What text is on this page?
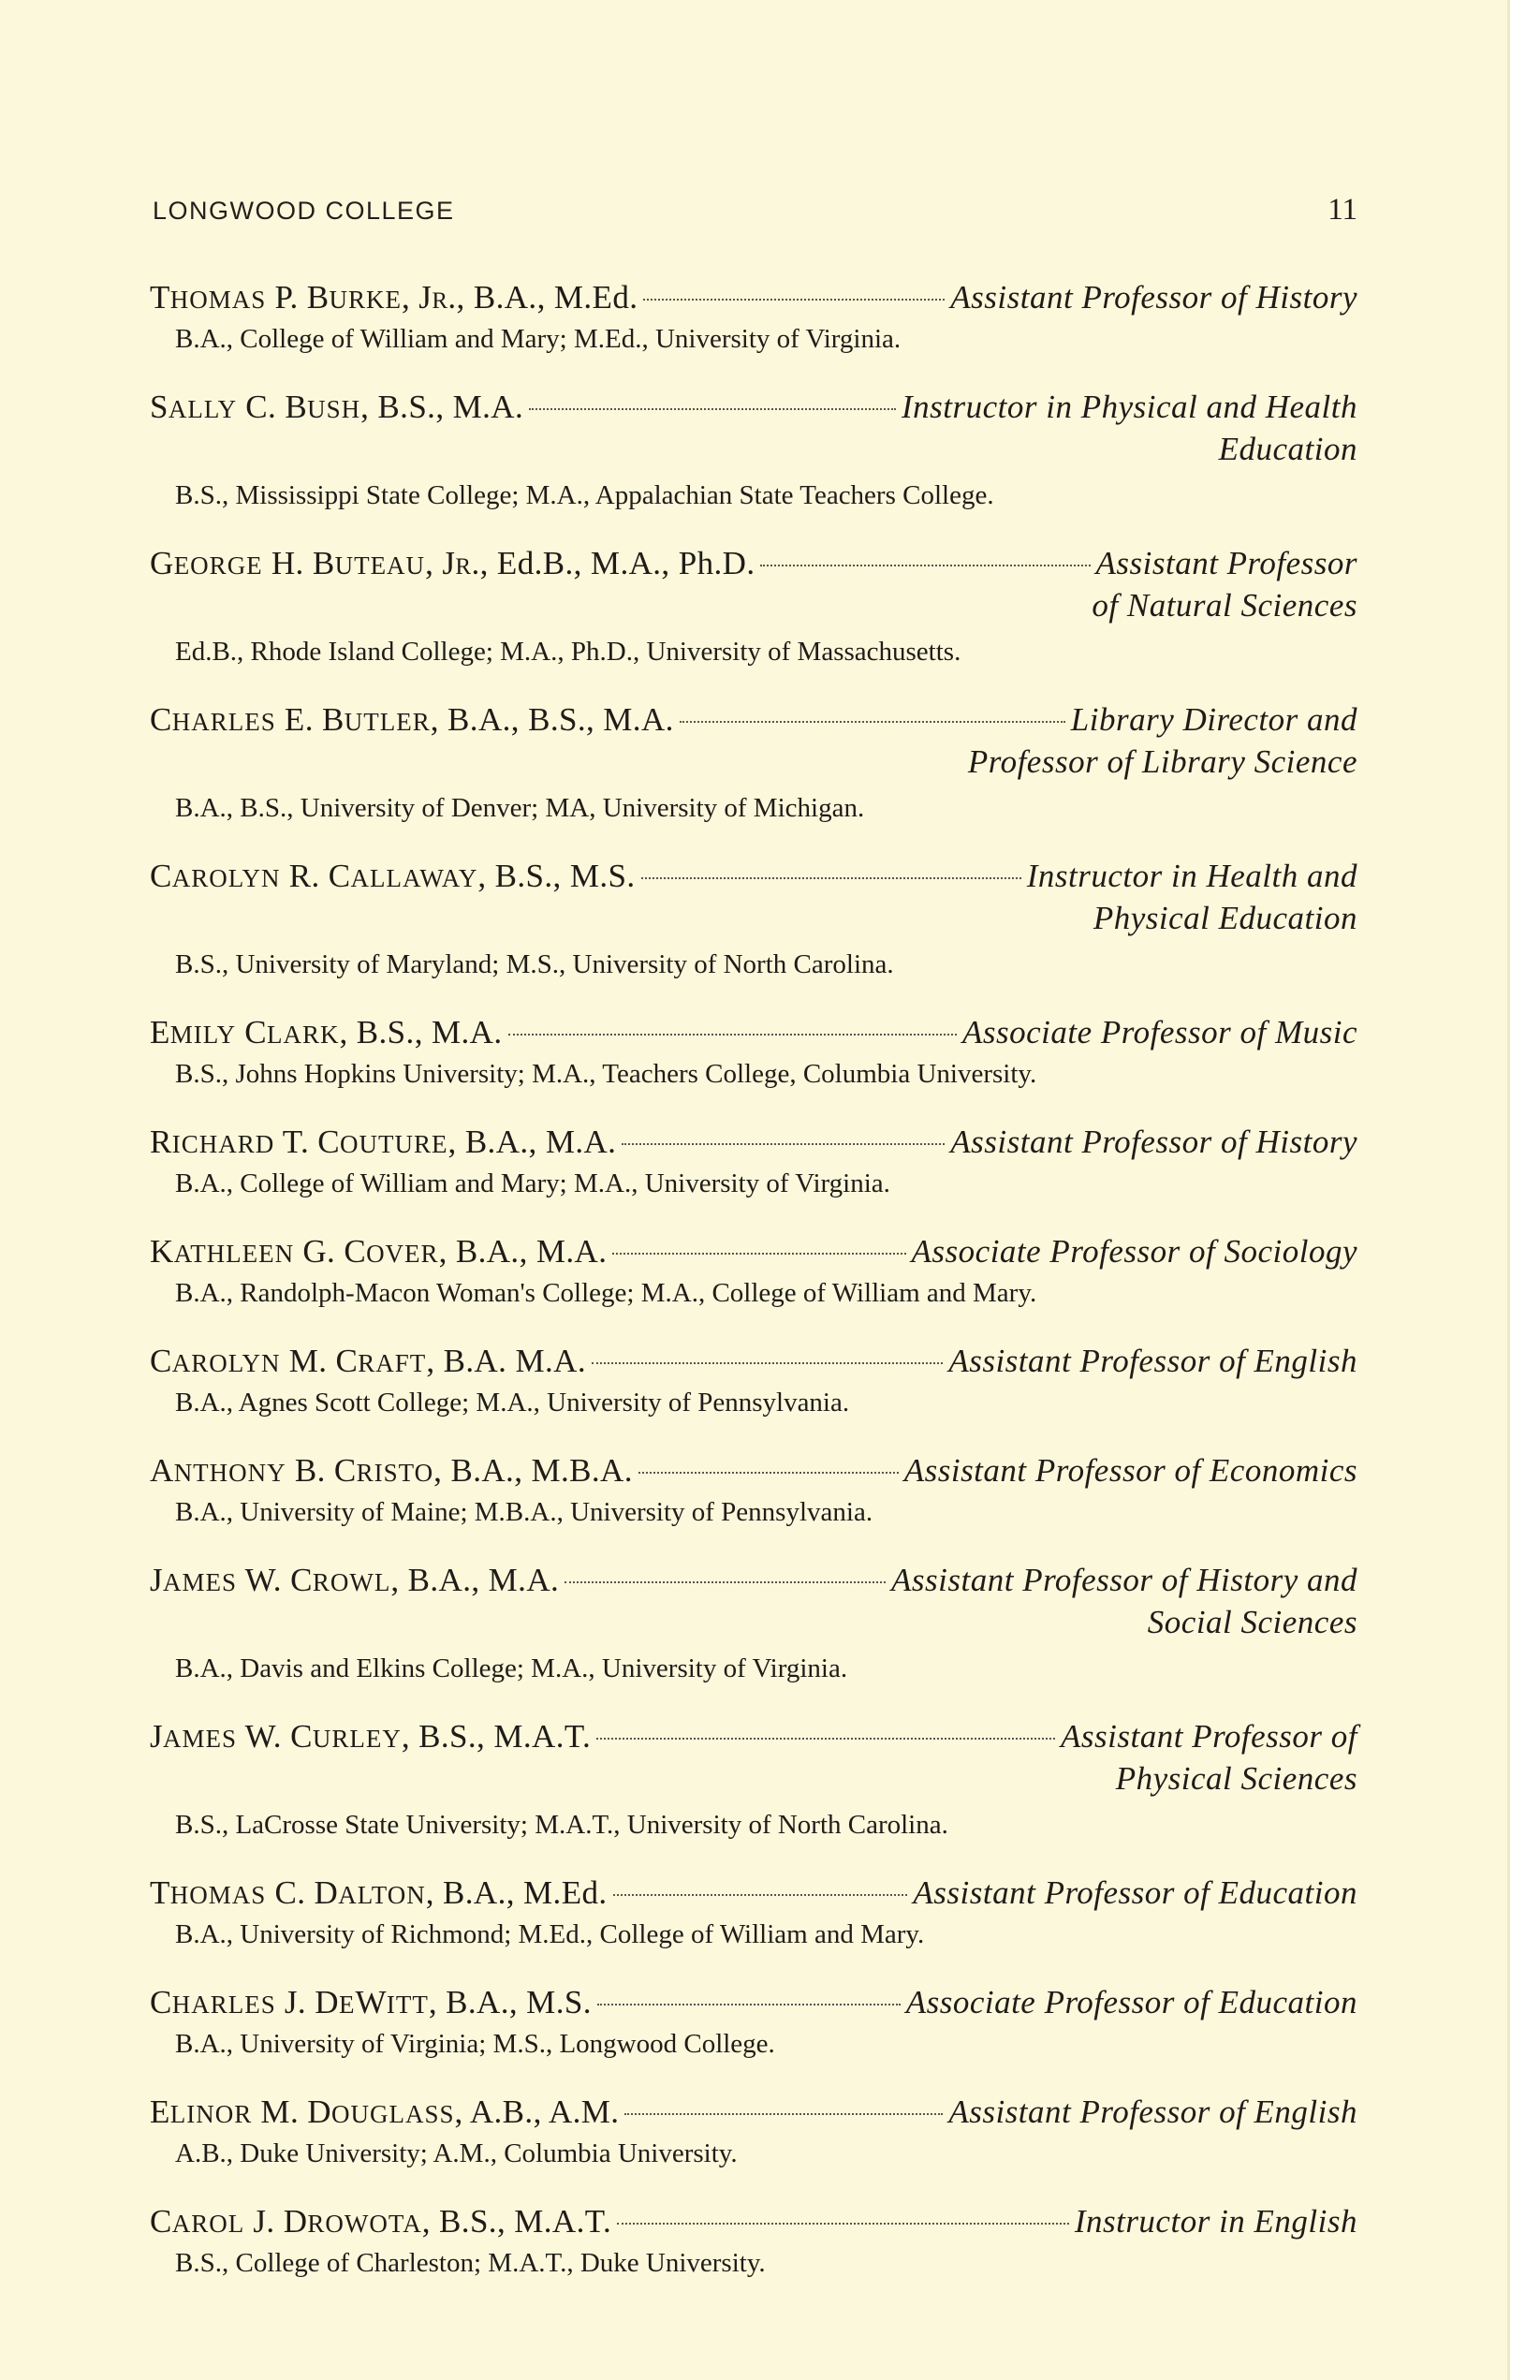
LONGWOOD COLLEGE	11
THOMAS P. BURKE, Jr., B.A., M.Ed.	Assistant Professor of History
B.A., College of William and Mary; M.Ed., University of Virginia.
SALLY C. BUSH, B.S., M.A.	Instructor in Physical and Health
Education
B.S., Mississippi State College; M.A., Appalachian State Teachers College.
GEORGE H. BUTEAU, Jr., Ed.B., M.A., Ph.D.	Assistant Professor
of Natural Sciences
Ed.B., Rhode Island College; M.A., Ph.D., University of Massachusetts.
CHARLES E. BUTLER, B.A., B.S., M.A.	Library Director and
Professor of Library Science
B.A., B.S., University of Denver; MA, University of Michigan.
CAROLYN R. CALLAWAY, B.S., M.S.	Instructor in Health and
Physical Education
B.S., University of Maryland; M.S., University of North Carolina.
EMILY CLARK, B.S., M.A.	Associate Professor of Music
B.S., Johns Hopkins University; M.A., Teachers College, Columbia University.
RICHARD T. COUTURE, B.A., M.A.	Assistant Professor of History
B.A., College of William and Mary; M.A., University of Virginia.
KATHLEEN G. COVER, B.A., M.A.	Associate Professor of Sociology
B.A., Randolph-Macon Woman's College; M.A., College of William and Mary.
CAROLYN M. CRAFT, B.A. M.A.	Assistant Professor of English
B.A., Agnes Scott College; M.A., University of Pennsylvania.
ANTHONY B. CRISTO, B.A., M.B.A.	Assistant Professor of Economics
B.A., University of Maine; M.B.A., University of Pennsylvania.
JAMES W. CROWL, B.A., M.A.	Assistant Professor of History and
Social Sciences
B.A., Davis and Elkins College; M.A., University of Virginia.
JAMES W. CURLEY, B.S., M.A.T.	Assistant Professor of
Physical Sciences
B.S., LaCrosse State University; M.A.T., University of North Carolina.
THOMAS C. DALTON, B.A., M.Ed.	Assistant Professor of Education
B.A., University of Richmond; M.Ed., College of William and Mary.
CHARLES J. DEWITT, B.A., M.S.	Associate Professor of Education
B.A., University of Virginia; M.S., Longwood College.
ELINOR M. DOUGLASS, A.B., A.M.	Assistant Professor of English
A.B., Duke University; A.M., Columbia University.
CAROL J. DROWOTA, B.S., M.A.T.	Instructor in English
B.S., College of Charleston; M.A.T., Duke University.
